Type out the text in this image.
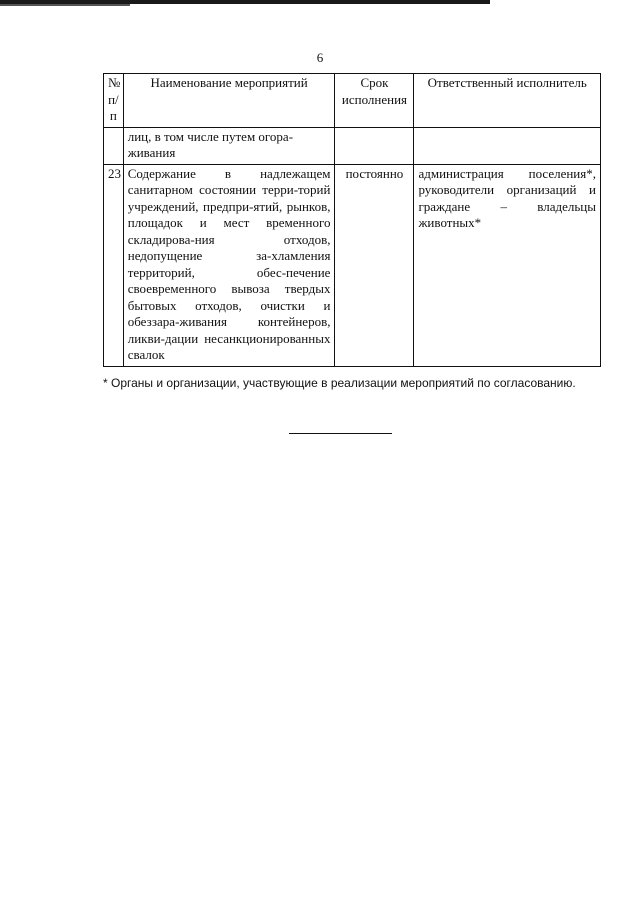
6
№ п/п	Наименование мероприятий	Срок исполнения	Ответственный исполнитель
	лиц, в том числе путем огора-живания		
23	Содержание в надлежащем санитарном состоянии терри-торий учреждений, предпри-ятий, рынков, площадок и мест временного складирова-ния отходов, недопущение за-хламления территорий, обес-печение своевременного вывоза твердых бытовых отходов, очистки и обеззара-живания контейнеров, ликви-дации несанкционированных свалок	постоянно	администрация поселения*, руководители организаций и граждане – владельцы животных*
* Органы и организации, участвующие в реализации мероприятий по согласованию.
